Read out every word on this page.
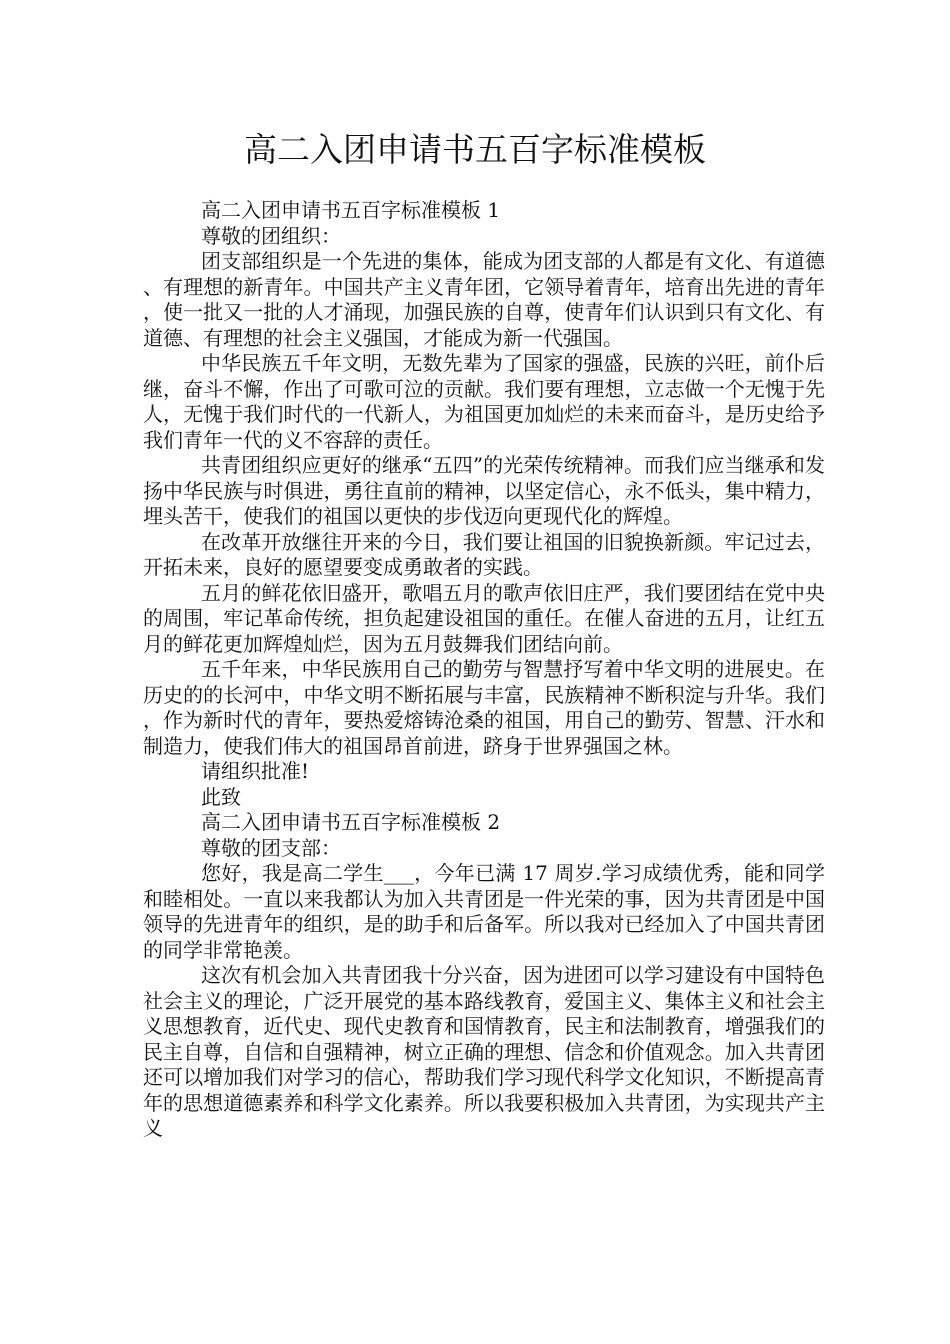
高二入团申请书五百字标准模板

高二入团申请书五百字标准模板 1

尊敬的团组织：

团支部组织是一个先进的集体，能成为团支部的人都是有文化、有道德、有理想的新青年。中国共产主义青年团，它领导着青年，培育出先进的青年，使一批又一批的人才涌现，加强民族的自尊，使青年们认识到只有文化、有道德、有理想的社会主义强国，才能成为新一代强国。

中华民族五千年文明，无数先辈为了国家的强盛，民族的兴旺，前仆后继，奋斗不懈，作出了可歌可泣的贡献。我们要有理想，立志做一个无愧于先人，无愧于我们时代的一代新人，为祖国更加灿烂的未来而奋斗，是历史给予我们青年一代的义不容辞的责任。

共青团组织应更好的继承“五四”的光荣传统精神。而我们应当继承和发扬中华民族与时俱进，勇往直前的精神，以坚定信心，永不低头，集中精力，埋头苦干，使我们的祖国以更快的步伐迈向更现代化的辉煌。

在改革开放继往开来的今日，我们要让祖国的旧貌换新颜。牢记过去，开拓未来，良好的愿望要变成勇敢者的实践。

五月的鲜花依旧盛开，歌唱五月的歌声依旧庄严，我们要团结在党中央的周围，牢记革命传统，担负起建设祖国的重任。在催人奋进的五月，让红五月的鲜花更加辉煌灿烂，因为五月鼓舞我们团结向前。

五千年来，中华民族用自己的勤劳与智慧抒写着中华文明的进展史。在历史的的长河中，中华文明不断拓展与丰富，民族精神不断积淀与升华。我们，作为新时代的青年，要热爱熔铸沧桑的祖国，用自己的勤劳、智慧、汗水和制造力，使我们伟大的祖国昂首前进，跻身于世界强国之林。

请组织批准!

此致

高二入团申请书五百字标准模板 2

尊敬的团支部：

您好，我是高二学生___，今年已满 17 周岁.学习成绩优秀，能和同学和睦相处。一直以来我都认为加入共青团是一件光荣的事，因为共青团是中国领导的先进青年的组织，是的助手和后备军。所以我对已经加入了中国共青团的同学非常艳羡。

这次有机会加入共青团我十分兴奋，因为进团可以学习建设有中国特色社会主义的理论，广泛开展党的基本路线教育，爱国主义、集体主义和社会主义思想教育，近代史、现代史教育和国情教育，民主和法制教育，增强我们的民主自尊，自信和自强精神，树立正确的理想、信念和价值观念。加入共青团还可以增加我们对学习的信心，帮助我们学习现代科学文化知识，不断提高青年的思想道德素养和科学文化素养。所以我要积极加入共青团，为实现共产主义
